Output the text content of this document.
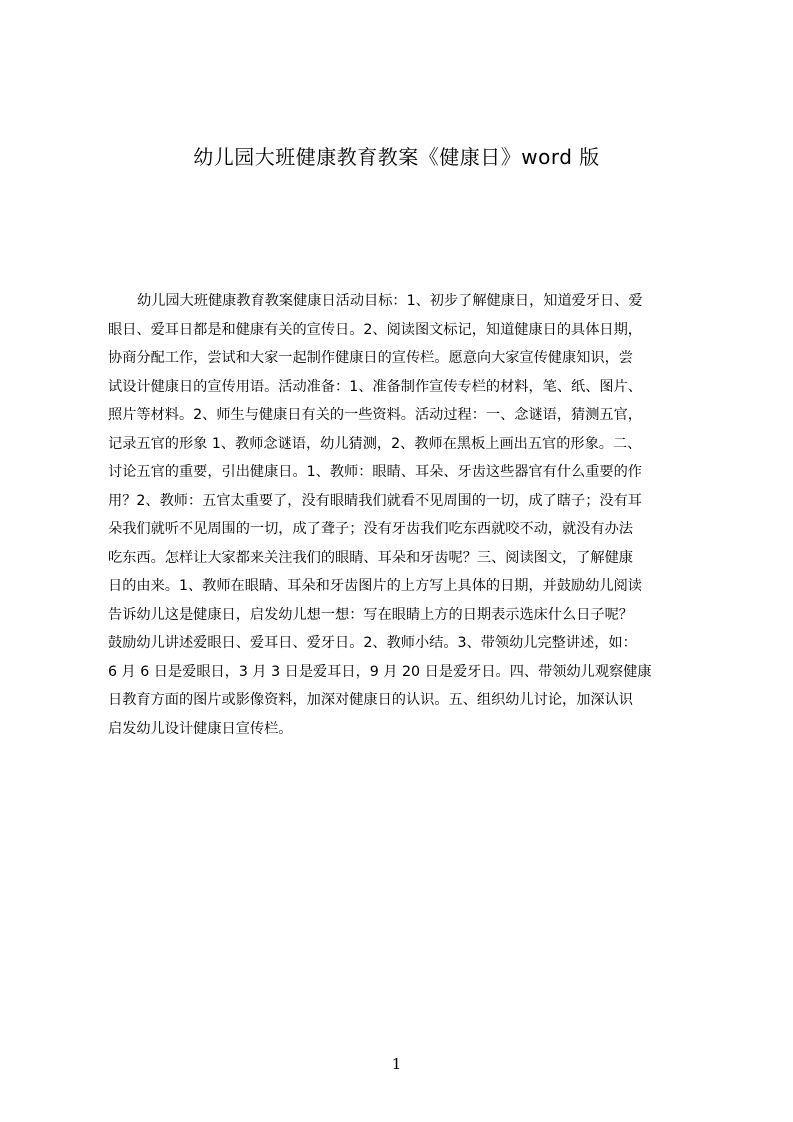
幼儿园大班健康教育教案《健康日》word 版
幼儿园大班健康教育教案健康日活动目标：1、初步了解健康日，知道爱牙日、爱
眼日、爱耳日都是和健康有关的宣传日。2、阅读图文标记，知道健康日的具体日期，
协商分配工作，尝试和大家一起制作健康日的宣传栏。愿意向大家宣传健康知识，尝
试设计健康日的宣传用语。活动准备：1、准备制作宣传专栏的材料，笔、纸、图片、
照片等材料。2、师生与健康日有关的一些资料。活动过程：一、念谜语，猜测五官，
记录五官的形象 1、教师念谜语，幼儿猜测，2、教师在黑板上画出五官的形象。二、
讨论五官的重要，引出健康日。1、教师：眼睛、耳朵、牙齿这些器官有什么重要的作
用？2、教师：五官太重要了，没有眼睛我们就看不见周围的一切，成了瞎子；没有耳
朵我们就听不见周围的一切，成了聋子；没有牙齿我们吃东西就咬不动，就没有办法
吃东西。怎样让大家都来关注我们的眼睛、耳朵和牙齿呢？三、阅读图文，了解健康
日的由来。1、教师在眼睛、耳朵和牙齿图片的上方写上具体的日期，并鼓励幼儿阅读
告诉幼儿这是健康日，启发幼儿想一想：写在眼睛上方的日期表示选床什么日子呢？
鼓励幼儿讲述爱眼日、爱耳日、爱牙日。2、教师小结。3、带领幼儿完整讲述，如：
6 月 6 日是爱眼日，3 月 3 日是爱耳日，9 月 20 日是爱牙日。四、带领幼儿观察健康
日教育方面的图片或影像资料，加深对健康日的认识。五、组织幼儿讨论，加深认识
启发幼儿设计健康日宣传栏。
1
